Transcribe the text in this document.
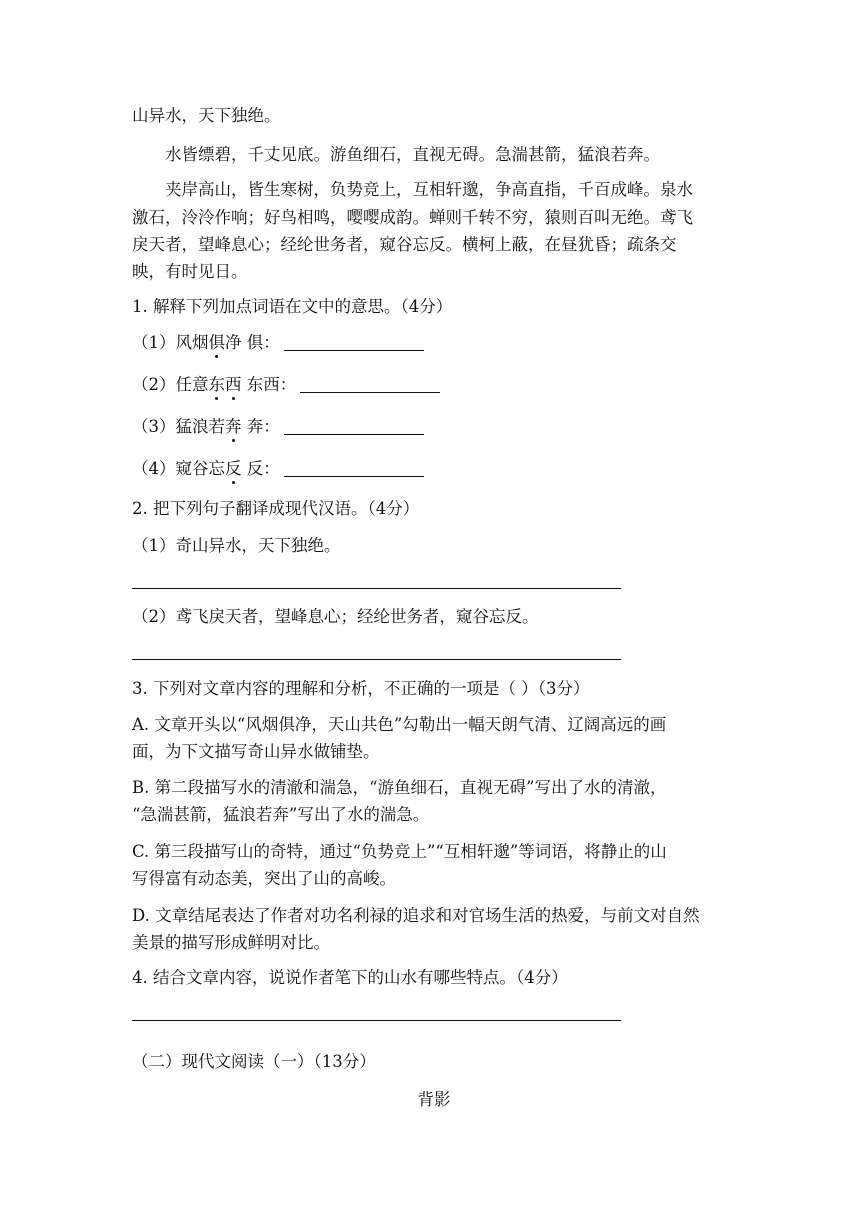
山异水，天下独绝。
水皆缥碧，千丈见底。游鱼细石，直视无碍。急湍甚箭，猛浪若奔。
夹岸高山，皆生寒树，负势竞上，互相轩邈，争高直指，千百成峰。泉水
激石，泠泠作响；好鸟相鸣，嘤嘤成韵。蝉则千转不穷，猿则百叫无绝。鸢飞
戾天者，望峰息心；经纶世务者，窥谷忘反。横柯上蔽，在昼犹昏；疏条交
映，有时见日。
1. 解释下列加点词语在文中的意思。（4分）
（1）风烟俱净 俱：
（2）任意东西 东西：
（3）猛浪若奔 奔：
（4）窥谷忘反 反：
2. 把下列句子翻译成现代汉语。（4分）
（1）奇山异水，天下独绝。
（2）鸢飞戾天者，望峰息心；经纶世务者，窥谷忘反。
3. 下列对文章内容的理解和分析，不正确的一项是（ ）（3分）
A. 文章开头以“风烟俱净，天山共色”勾勒出一幅天朗气清、辽阔高远的画
面，为下文描写奇山异水做铺垫。
B. 第二段描写水的清澈和湍急，“游鱼细石，直视无碍”写出了水的清澈，
“急湍甚箭，猛浪若奔”写出了水的湍急。
C. 第三段描写山的奇特，通过“负势竞上”“互相轩邈”等词语，将静止的山
写得富有动态美，突出了山的高峻。
D. 文章结尾表达了作者对功名利禄的追求和对官场生活的热爱，与前文对自然
美景的描写形成鲜明对比。
4. 结合文章内容，说说作者笔下的山水有哪些特点。（4分）
（二）现代文阅读（一）（13分）
背影
